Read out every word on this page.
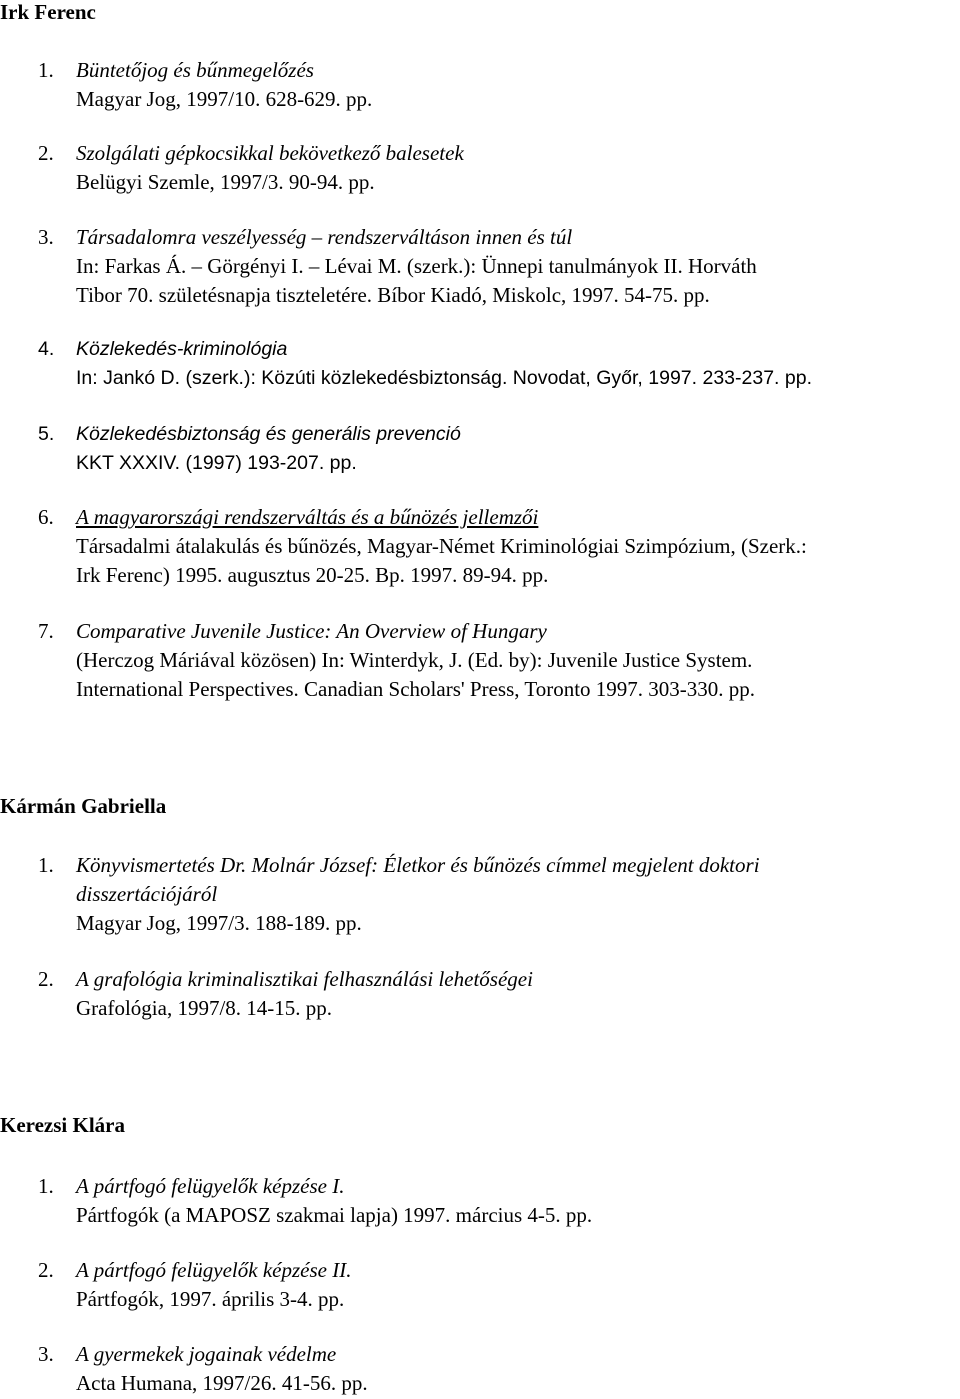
Irk Ferenc
1. Büntetőjog és bűnmegelőzés
Magyar Jog, 1997/10. 628-629. pp.
2. Szolgálati gépkocsikkal bekövetkező balesetek
Belügyi Szemle, 1997/3. 90-94. pp.
3. Társadalomra veszélyesség – rendszerváltáson innen és túl
In: Farkas Á. – Görgényi I. – Lévai M. (szerk.): Ünnepi tanulmányok II. Horváth
Tibor 70. születésnapja tiszteletére. Bíbor Kiadó, Miskolc, 1997. 54-75. pp.
4. Közlekedés-kriminológia
In: Jankó D. (szerk.): Közúti közlekedésbiztonság. Novodat, Győr, 1997. 233-237. pp.
5. Közlekedésbiztonság és generális prevenció
KKT XXXIV. (1997) 193-207. pp.
6. A magyarországi rendszerváltás és a bűnözés jellemzői
Társadalmi átalakulás és bűnözés, Magyar-Német Kriminológiai Szimpózium, (Szerk.:
Irk Ferenc) 1995. augusztus 20-25. Bp. 1997. 89-94. pp.
7. Comparative Juvenile Justice: An Overview of Hungary
(Herczog Máriával közösen) In: Winterdyk, J. (Ed. by): Juvenile Justice System.
International Perspectives. Canadian Scholars' Press, Toronto 1997. 303-330. pp.
Kármán Gabriella
1. Könyvismertetés Dr. Molnár József: Életkor és bűnözés címmel megjelent doktori
disszertációjáról
Magyar Jog, 1997/3. 188-189. pp.
2. A grafológia kriminalisztikai felhasználási lehetőségei
Grafológia, 1997/8. 14-15. pp.
Kerezsi Klára
1. A pártfogó felügyelők képzése I.
Pártfogók (a MAPOSZ szakmai lapja) 1997. március 4-5. pp.
2. A pártfogó felügyelők képzése II.
Pártfogók, 1997. április 3-4. pp.
3. A gyermekek jogainak védelme
Acta Humana, 1997/26. 41-56. pp.
